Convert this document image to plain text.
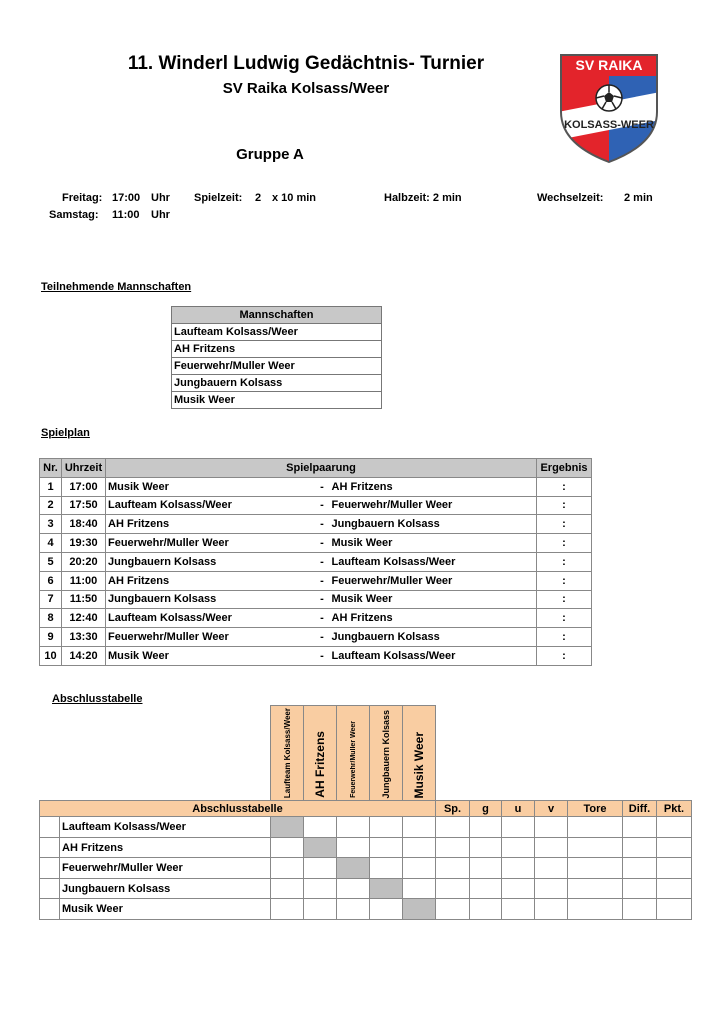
11. Winderl Ludwig Gedächtnis- Turnier
SV Raika Kolsass/Weer
Gruppe A
SV RAIKA
KOLSASS-WEER
Freitag: 17:00 Uhr
Samstag: 11:00 Uhr
Spielzeit: 2 x 10 min	Halbzeit: 2 min	Wechselzeit: 2 min
Teilnehmende Mannschaften
Mannschaften
Laufteam Kolsass/Weer
AH Fritzens
Feuerwehr/Muller Weer
Jungbauern Kolsass
Musik Weer
Spielplan
Nr.	Uhrzeit	Spielpaarung			Ergebnis
1	17:00	Musik Weer	-	AH Fritzens	:
2	17:50	Laufteam Kolsass/Weer	-	Feuerwehr/Muller Weer	:
3	18:40	AH Fritzens	-	Jungbauern Kolsass	:
4	19:30	Feuerwehr/Muller Weer	-	Musik Weer	:
5	20:20	Jungbauern Kolsass	-	Laufteam Kolsass/Weer	:
6	11:00	AH Fritzens	-	Feuerwehr/Muller Weer	:
7	11:50	Jungbauern Kolsass	-	Musik Weer	:
8	12:40	Laufteam Kolsass/Weer	-	AH Fritzens	:
9	13:30	Feuerwehr/Muller Weer	-	Jungbauern Kolsass	:
10	14:20	Musik Weer	-	Laufteam Kolsass/Weer	:
Abschlusstabelle

		Laufteam Kolsass/Weer	AH Fritzens	Feuerwehr/Muller Weer	Jungbauern Kolsass	Musik Weer							

Abschlusstabelle							Sp.	g	u	v	Tore	Diff.	Pkt.
	Laufteam Kolsass/Weer												
	AH Fritzens												
	Feuerwehr/Muller Weer												
	Jungbauern Kolsass												
	Musik Weer												
